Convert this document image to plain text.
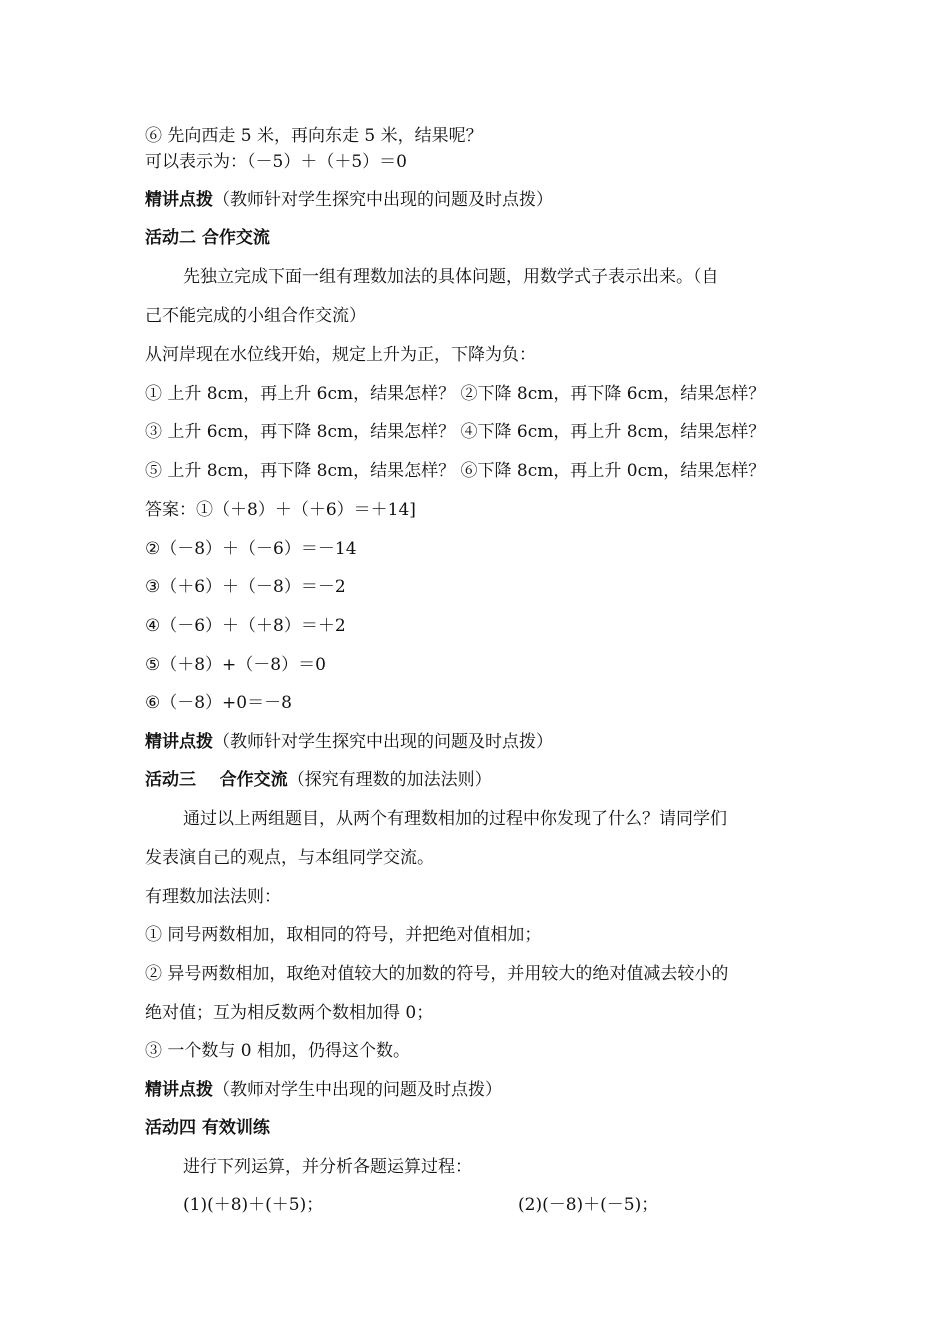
⑥ 先向西走 5 米，再向东走 5 米，结果呢？
可以表示为：（－5）＋（＋5）＝0
精讲点拨（教师针对学生探究中出现的问题及时点拨）
活动二 合作交流
先独立完成下面一组有理数加法的具体问题，用数学式子表示出来。（自
己不能完成的小组合作交流）
从河岸现在水位线开始，规定上升为正，下降为负：
① 上升 8cm，再上升 6cm，结果怎样？ ②下降 8cm，再下降 6cm，结果怎样？
③ 上升 6cm，再下降 8cm，结果怎样？ ④下降 6cm，再上升 8cm，结果怎样？
⑤ 上升 8cm，再下降 8cm，结果怎样？ ⑥下降 8cm，再上升 0cm，结果怎样？
答案：①（＋8）＋（＋6）＝＋14]
②（－8）＋（－6）＝－14
③（＋6）＋（－8）＝－2
④（－6）＋（＋8）＝＋2
⑤（＋8）+（－8）＝0
⑥（－8）+0＝－8
精讲点拨（教师针对学生探究中出现的问题及时点拨）
活动三    合作交流（探究有理数的加法法则）
通过以上两组题目，从两个有理数相加的过程中你发现了什么？请同学们
发表演自己的观点，与本组同学交流。
有理数加法法则：
① 同号两数相加，取相同的符号，并把绝对值相加；
② 异号两数相加，取绝对值较大的加数的符号，并用较大的绝对值减去较小的
绝对值；互为相反数两个数相加得 0；
③ 一个数与 0 相加，仍得这个数。
精讲点拨（教师对学生中出现的问题及时点拨）
活动四 有效训练
进行下列运算，并分析各题运算过程：
(1)(＋8)＋(＋5)；	(2)(－8)＋(－5)；
